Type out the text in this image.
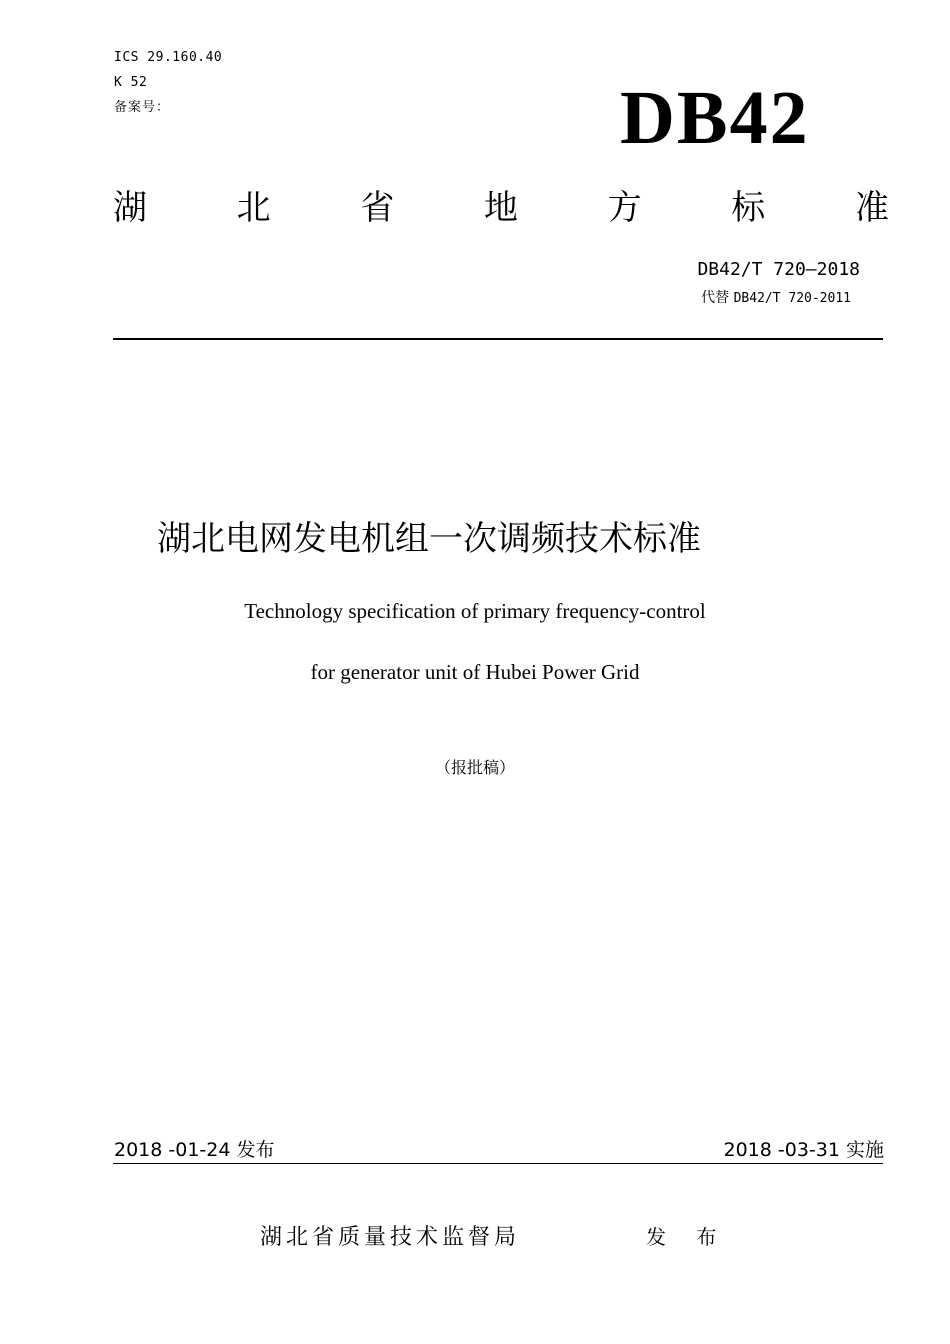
ICS 29.160.40
K 52
备案号：	DB42
湖	北	省	地	方	标	准
DB42/T 720—2018
代替 DB42/T 720-2011
湖北电网发电机组一次调频技术标准
Technology specification of primary frequency-control
for generator unit of Hubei Power Grid
（报批稿）
2018 -01-24 发布	2018 -03-31 实施
湖北省质量技术监督局	发 布
